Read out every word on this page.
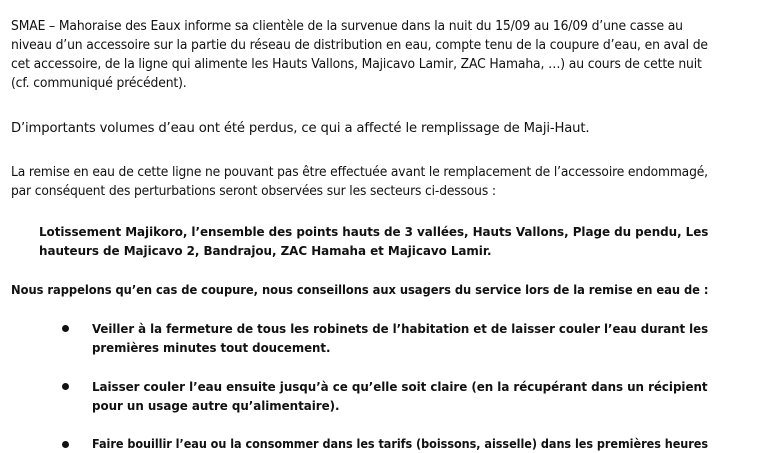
SMAE – Mahoraise des Eaux informe sa clientèle de la survenue dans la nuit du 15/09 au 16/09 d’une casse au
niveau d’un accessoire sur la partie du réseau de distribution en eau, compte tenu de la coupure d’eau, en aval de
cet accessoire, de la ligne qui alimente les Hauts Vallons, Majicavo Lamir, ZAC Hamaha, …) au cours de cette nuit
(cf. communiqué précédent).

D’importants volumes d’eau ont été perdus, ce qui a affecté le remplissage de Maji-Haut.

La remise en eau de cette ligne ne pouvant pas être effectuée avant le remplacement de l’accessoire endommagé,
par conséquent des perturbations seront observées sur les secteurs ci-dessous :

Lotissement Majikoro, l’ensemble des points hauts de 3 vallées, Hauts Vallons, Plage du pendu, Les
hauteurs de Majicavo 2, Bandrajou, ZAC Hamaha et Majicavo Lamir.

Nous rappelons qu’en cas de coupure, nous conseillons aux usagers du service lors de la remise en eau de :

Veiller à la fermeture de tous les robinets de l’habitation et de laisser couler l’eau durant les
premières minutes tout doucement.

Laisser couler l’eau ensuite jusqu’à ce qu’elle soit claire (en la récupérant dans un récipient
pour un usage autre qu’alimentaire).

Faire bouillir l’eau ou la consommer dans les tarifs (boissons, aisselle) dans les premières heures
